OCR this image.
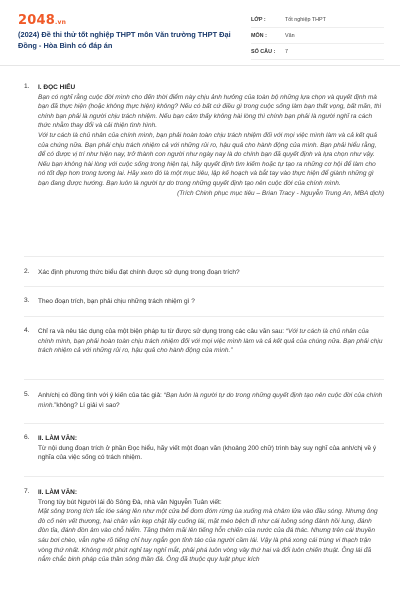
2048.vn
(2024) Đề thi thử tốt nghiệp THPT môn Văn trường THPT Đại Đồng - Hòa Bình có đáp án
LỚP :	Tốt nghiệp THPT
MÔN :	Văn
SỐ CÂU :	7
1. I. ĐỌC HIỂU
Bạn có nghĩ rằng cuộc đời mình cho đến thời điểm này chịu ảnh hưởng của toàn bộ những lựa chọn và quyết định mà bạn đã thực hiện (hoặc không thực hiện) không? Nếu có bất cứ điều gì trong cuộc sống làm bạn thất vọng, bất mãn, thì chính bạn phải là người chịu trách nhiệm. Nếu bạn cảm thấy không hài lòng thì chính bạn phải là người nghĩ ra cách thức nhằm thay đổi và cải thiện tình hình.
Với tư cách là chủ nhân của chính mình, bạn phải hoàn toàn chịu trách nhiệm đối với mọi việc mình làm và cả kết quả của chúng nữa. Bạn phải chịu trách nhiệm cả với những rủi ro, hậu quả cho hành động của mình. Bạn phải hiểu rằng, để có được vị trí như hiện nay, trở thành con người như ngày nay là do chính bạn đã quyết định và lựa chọn như vậy. Nếu bạn không hài lòng với cuộc sống trong hiện tại, hãy quyết định tìm kiếm hoặc tự tạo ra những cơ hội để làm cho nó tốt đẹp hơn trong tương lai. Hãy xem đó là một mục tiêu, lập kế hoạch và bắt tay vào thực hiện để giành những gì bạn đang được hướng. Bạn luôn là người tự do trong những quyết định tạo nên cuộc đời của chính mình.
(Trích Chinh phục mục tiêu – Brian Tracy - Nguyễn Trung An, MBA dịch)
2. Xác định phương thức biểu đạt chính được sử dụng trong đoạn trích?
3. Theo đoạn trích, bạn phải chịu những trách nhiệm gì ?
4. Chỉ ra và nêu tác dụng của một biện pháp tu từ được sử dụng trong các câu văn sau: “Với tư cách là chủ nhân của chính mình, bạn phải hoàn toàn chịu trách nhiệm đối với mọi việc mình làm và cả kết quả của chúng nữa. Bạn phải chịu trách nhiệm cả với những rủi ro, hậu quả cho hành động của mình.”
5. Anh/chị có đồng tình với ý kiến của tác giả: “Bạn luôn là người tự do trong những quyết định tạo nên cuộc đời của chính mình.”không? Lí giải vì sao?
6. II. LÀM VĂN:
Từ nội dung đoạn trích ở phần Đọc hiểu, hãy viết một đoạn văn (khoảng 200 chữ) trình bày suy nghĩ của anh/chị về ý nghĩa của việc sống có trách nhiệm.
7. II. LÀM VĂN:
Trong tùy bút Người lái đò Sông Đà, nhà văn Nguyễn Tuân viết:
Mặt sông trong tích tắc lóe sáng lên như một cửa bể đom đóm rừng ùa xuống mà châm lửa vào đầu sóng. Nhưng ông đò cố nén vết thương, hai chân vẫn kẹp chặt lấy cuống lái, mặt méo bệch đi như cái luồng sóng đánh hồi lung, đánh đòn tỉa, đánh đòn âm vào chỗ hiểm. Tăng thêm mãi lên tiếng hỗn chiến của nước của đá thác. Nhưng trên cái thuyền sáu bơi chèo, vẫn nghe rõ tiếng chỉ huy ngắn gọn tỉnh táo của người cầm lái. Vậy là phá xong cái trùng vi thạch trận vòng thứ nhất. Không một phút nghỉ tay nghỉ mắt, phải phá luôn vòng vây thứ hai và đổi luôn chiến thuật. Ông lái đã nắm chắc binh pháp của thần sông thần đá. Ông đã thuộc quy luật phục kích
